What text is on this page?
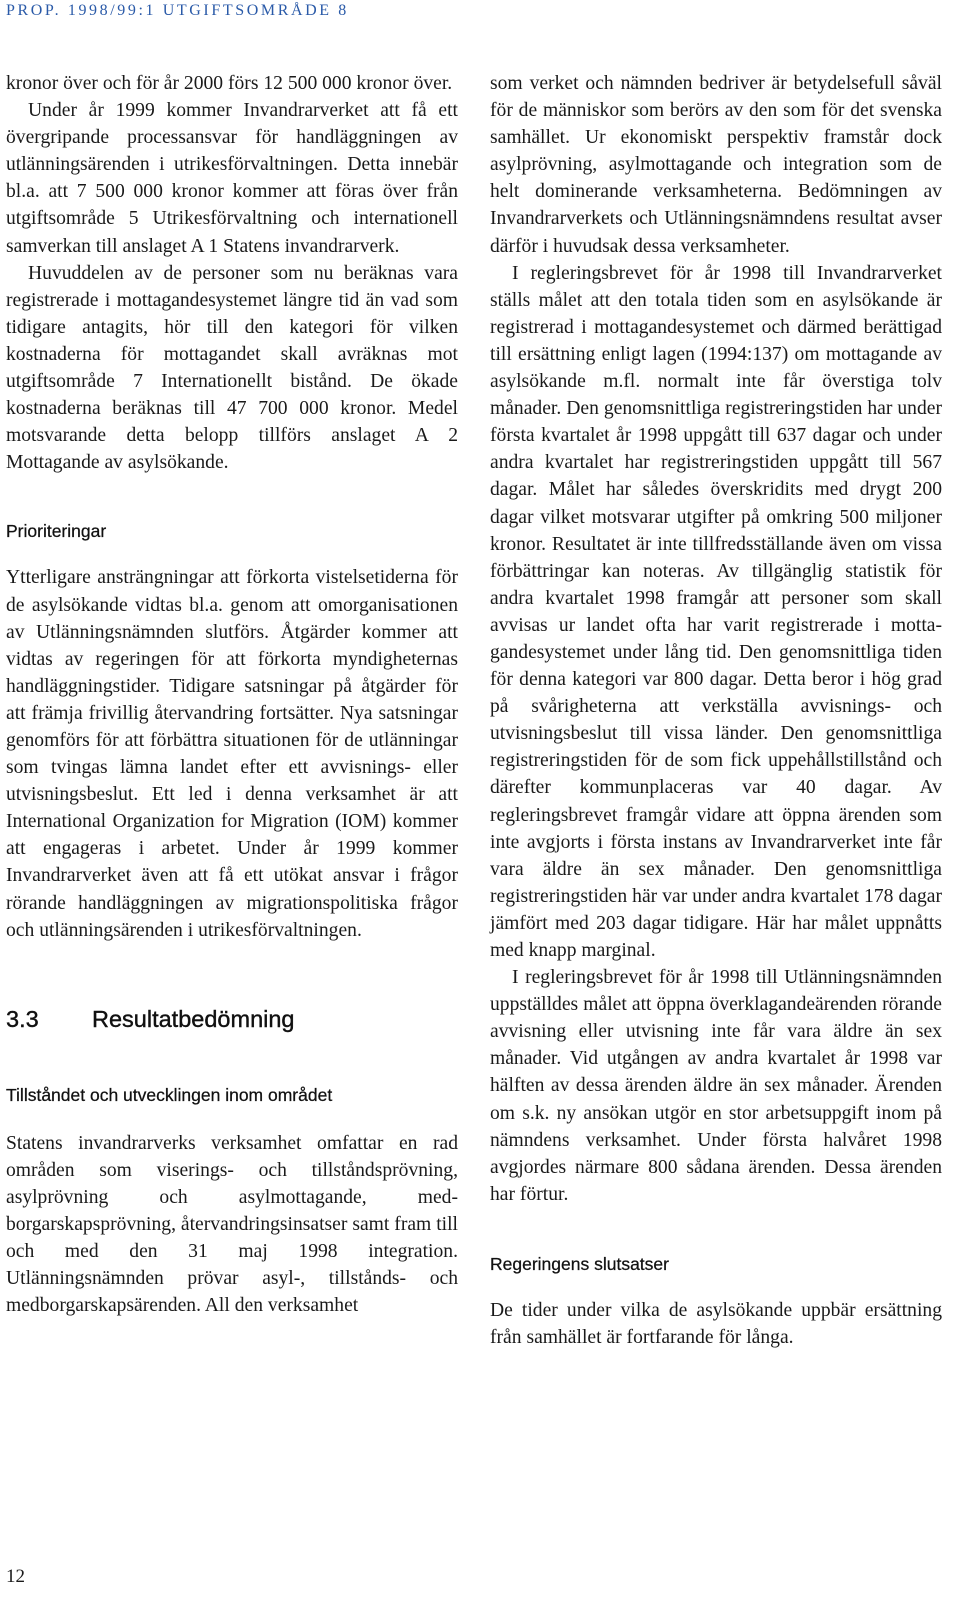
PROP. 1998/99:1 UTGIFTSOMRÅDE 8

kronor över och för år 2000 förs 12 500 000 kronor över.

Under år 1999 kommer Invandrarverket att få ett övergripande processansvar för handläggningen av utlänningsärenden i utrikesförvaltningen. Detta innebär bl.a. att 7 500 000 kronor kommer att föras över från utgiftsområde 5 Utrikesförvaltning och internationell samverkan till anslaget A 1 Statens invandrarverk.

Huvuddelen av de personer som nu beräknas vara registrerade i mottagandesystemet längre tid än vad som tidigare antagits, hör till den kategori för vilken kostnaderna för mottagandet skall avräknas mot utgiftsområde 7 Internationellt bistånd. De ökade kostnaderna beräknas till 47 700 000 kronor. Medel motsvarande detta belopp tillförs anslaget A 2 Mottagande av asylsökande.

Prioriteringar

Ytterligare ansträngningar att förkorta vistelsetiderna för de asylsökande vidtas bl.a. genom att omorganisationen av Utlänningsnämnden slutförs. Åtgärder kommer att vidtas av regeringen för att förkorta myndigheternas handläggningstider. Tidigare satsningar på åtgärder för att främja frivillig återvandring fortsätter. Nya satsningar genomförs för att förbättra situationen för de utlänningar som tvingas lämna landet efter ett avvisnings- eller utvisningsbeslut. Ett led i denna verksamhet är att International Organization for Migration (IOM) kommer att engageras i arbetet. Under år 1999 kommer Invandrarverket även att få ett utökat ansvar i frågor rörande handläggningen av migrationspolitiska frågor och utlänningsärenden i utrikesförvaltningen.

3.3 Resultatbedömning
Tillståndet och utvecklingen inom området

Statens invandrarverks verksamhet omfattar en rad områden som viserings- och tillståndsprövning, asylprövning och asylmottagande, medborgarskapsprövning, återvandringsinsatser samt fram till och med den 31 maj 1998 integration. Utlänningsnämnden prövar asyl-, tillstånds- och medborgarskapsärenden. All den verksamhet

som verket och nämnden bedriver är betydelsefull såväl för de människor som berörs av den som för det svenska samhället. Ur ekonomiskt perspektiv framstår dock asylprövning, asylmottagande och integration som de helt dominerande verksamheterna. Bedömningen av Invandrarverkets och Utlänningsnämndens resultat avser därför i huvudsak dessa verksamheter.

I regleringsbrevet för år 1998 till Invandrarverket ställs målet att den totala tiden som en asylsökande är registrerad i mottagandesystemet och därmed berättigad till ersättning enligt lagen (1994:137) om mottagande av asylsökande m.fl. normalt inte får överstiga tolv månader. Den genomsnittliga registreringstiden har under första kvartalet år 1998 uppgått till 637 dagar och under andra kvartalet har registreringstiden uppgått till 567 dagar. Målet har således överskridits med drygt 200 dagar vilket motsvarar utgifter på omkring 500 miljoner kronor. Resultatet är inte tillfredsställande även om vissa förbättringar kan noteras. Av tillgänglig statistik för andra kvartalet 1998 framgår att personer som skall avvisas ur landet ofta har varit registrerade i mottagandesystemet under lång tid. Den genomsnittliga tiden för denna kategori var 800 dagar. Detta beror i hög grad på svårigheterna att verkställa avvisnings- och utvisningsbeslut till vissa länder. Den genomsnittliga registreringstiden för de som fick uppehållstillstånd och därefter kommunplaceras var 40 dagar. Av regleringsbrevet framgår vidare att öppna ärenden som inte avgjorts i första instans av Invandrarverket inte får vara äldre än sex månader. Den genomsnittliga registreringstiden här var under andra kvartalet 178 dagar jämfört med 203 dagar tidigare. Här har målet uppnåtts med knapp marginal.

I regleringsbrevet för år 1998 till Utlänningsnämnden uppställdes målet att öppna överklagandeärenden rörande avvisning eller utvisning inte får vara äldre än sex månader. Vid utgången av andra kvartalet år 1998 var hälften av dessa ärenden äldre än sex månader. Ärenden om s.k. ny ansökan utgör en stor arbetsuppgift inom på nämndens verksamhet. Under första halvåret 1998 avgjordes närmare 800 sådana ärenden. Dessa ärenden har förtur.

Regeringens slutsatser

De tider under vilka de asylsökande uppbär ersättning från samhället är fortfarande för långa.

12
